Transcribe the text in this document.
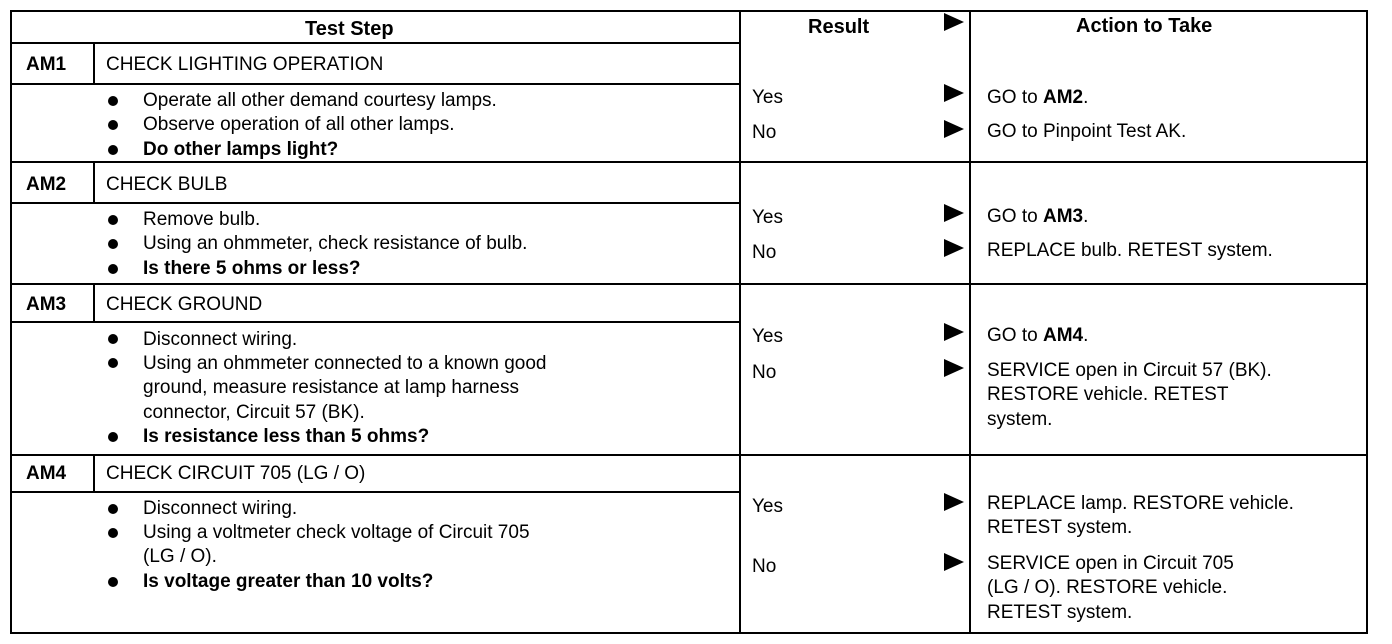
Test Step	Result	Action to Take
AM1 CHECK LIGHTING OPERATION
Operate all other demand courtesy lamps.
Observe operation of all other lamps.
Do other lamps light?
Yes	GO to AM2.
No	GO to Pinpoint Test AK.
AM2 CHECK BULB
Remove bulb.
Using an ohmmeter, check resistance of bulb.
Is there 5 ohms or less?
Yes	GO to AM3.
No	REPLACE bulb. RETEST system.
AM3 CHECK GROUND
Disconnect wiring.
Using an ohmmeter connected to a known good
ground, measure resistance at lamp harness
connector, Circuit 57 (BK).
Is resistance less than 5 ohms?
Yes	GO to AM4.
No	SERVICE open in Circuit 57 (BK).
RESTORE vehicle. RETEST
system.
AM4 CHECK CIRCUIT 705 (LG / O)
Disconnect wiring.
Using a voltmeter check voltage of Circuit 705
(LG / O).
Is voltage greater than 10 volts?
Yes	REPLACE lamp. RESTORE vehicle.
RETEST system.
No	SERVICE open in Circuit 705
(LG / O). RESTORE vehicle.
RETEST system.
